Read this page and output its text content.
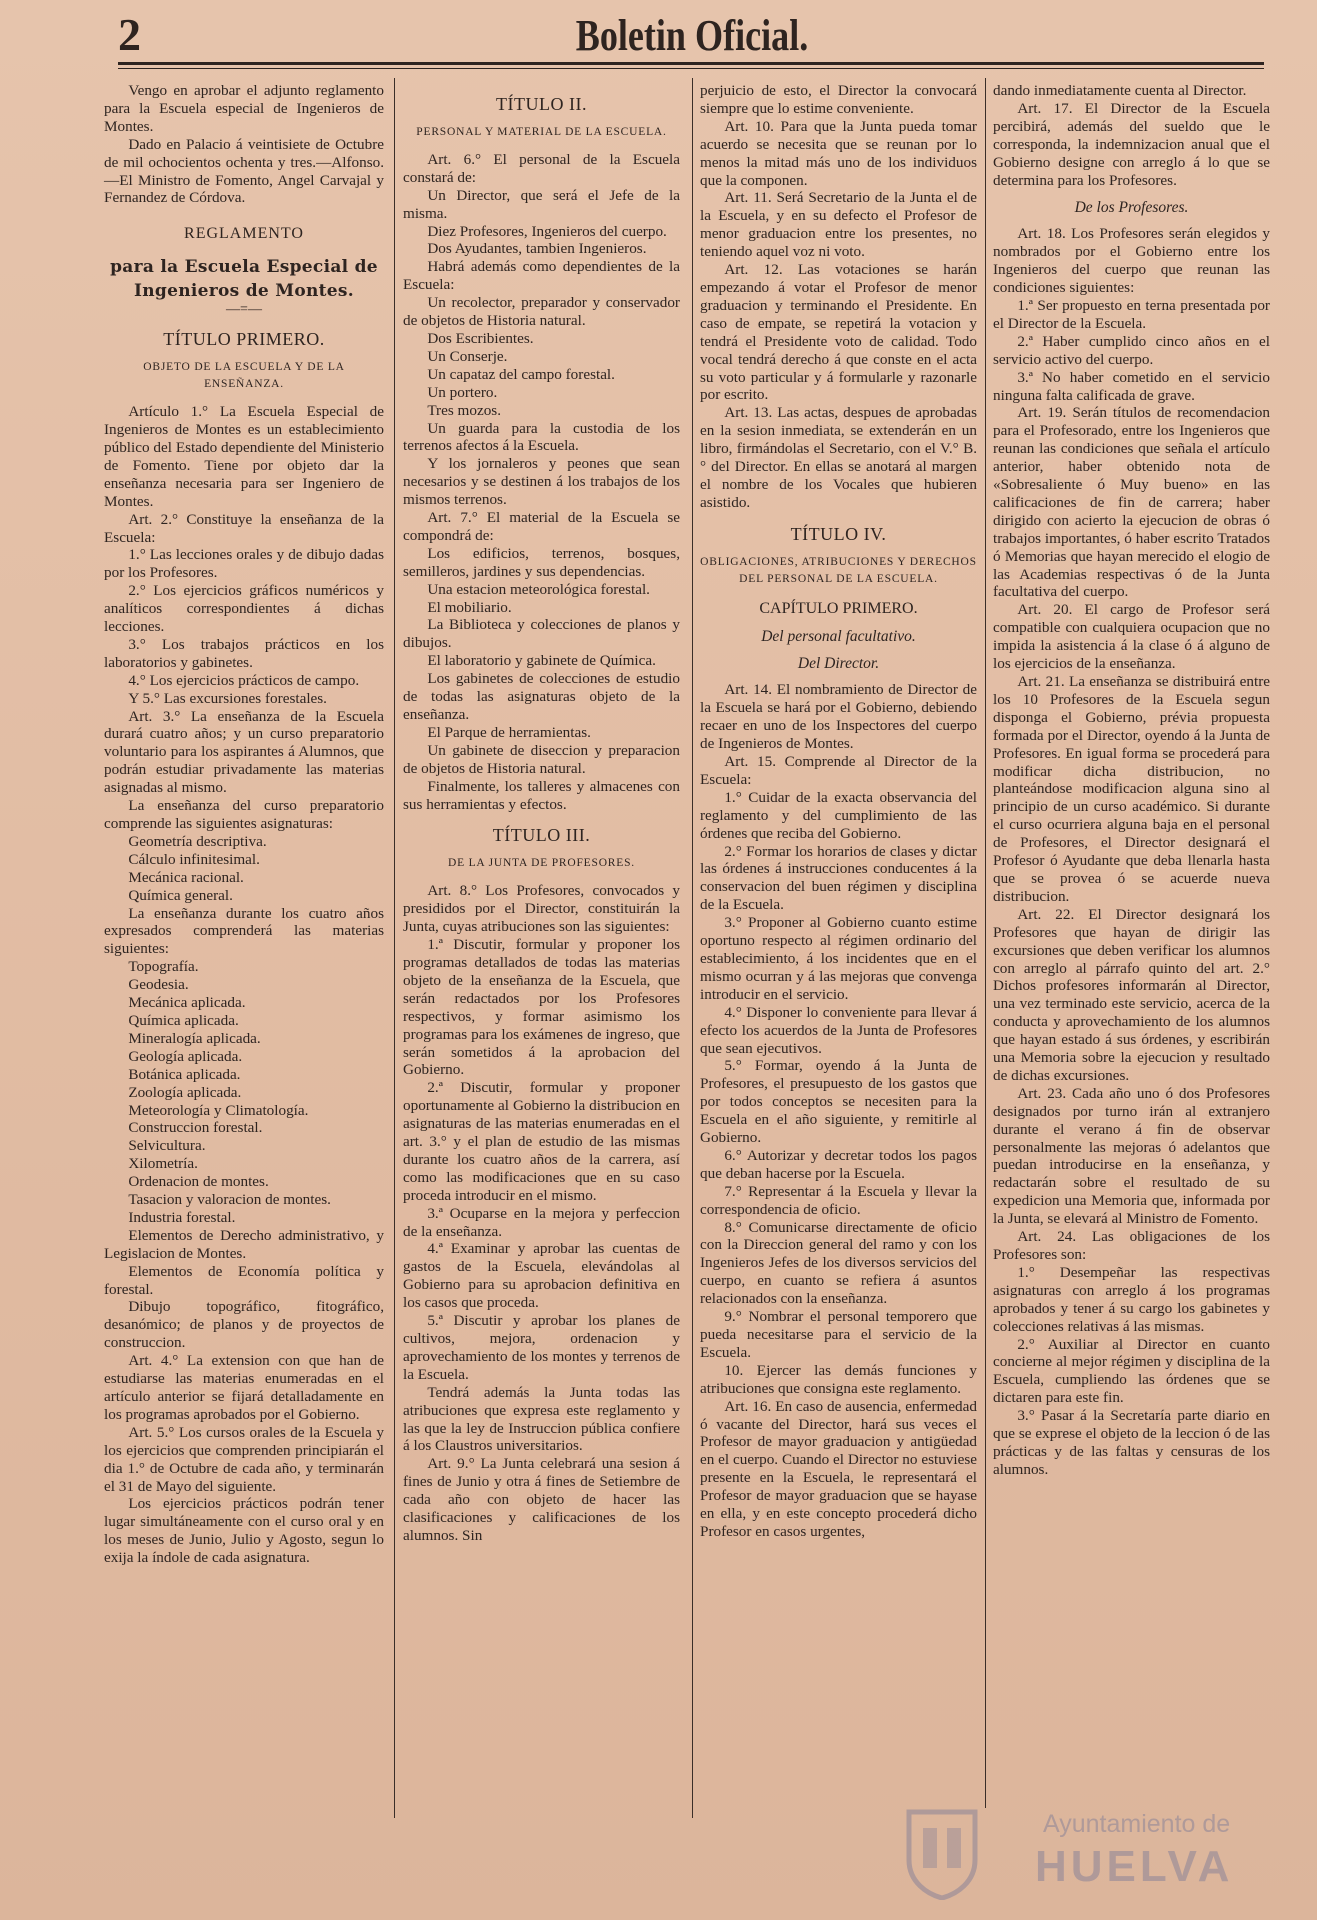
2	Boletin Oficial.

Vengo en aprobar el adjunto reglamento para la Escuela especial de Ingenieros de Montes.

Dado en Palacio á veintisiete de Octubre de mil ochocientos ochenta y tres.—Alfonso.—El Ministro de Fomento, Angel Carvajal y Fernandez de Córdova.

REGLAMENTO

para la Escuela Especial de Ingenieros de Montes.

—=—

TÍTULO PRIMERO.

OBJETO DE LA ESCUELA Y DE LA ENSEÑANZA.

Artículo 1.° La Escuela Especial de Ingenieros de Montes es un establecimiento público del Estado dependiente del Ministerio de Fomento. Tiene por objeto dar la enseñanza necesaria para ser Ingeniero de Montes.

Art. 2.° Constituye la enseñanza de la Escuela:

1.° Las lecciones orales y de dibujo dadas por los Profesores.

2.° Los ejercicios gráficos numéricos y analíticos correspondientes á dichas lecciones.

3.° Los trabajos prácticos en los laboratorios y gabinetes.

4.° Los ejercicios prácticos de campo.

Y 5.° Las excursiones forestales.

Art. 3.° La enseñanza de la Escuela durará cuatro años; y un curso preparatorio voluntario para los aspirantes á Alumnos, que podrán estudiar privadamente las materias asignadas al mismo.

La enseñanza del curso preparatorio comprende las siguientes asignaturas:

Geometría descriptiva.

Cálculo infinitesimal.

Mecánica racional.

Química general.

La enseñanza durante los cuatro años expresados comprenderá las materias siguientes:

Topografía.

Geodesia.

Mecánica aplicada.

Química aplicada.

Mineralogía aplicada.

Geología aplicada.

Botánica aplicada.

Zoología aplicada.

Meteorología y Climatología.

Construccion forestal.

Selvicultura.

Xilometría.

Ordenacion de montes.

Tasacion y valoracion de montes.

Industria forestal.

Elementos de Derecho administrativo, y Legislacion de Montes.

Elementos de Economía política y forestal.

Dibujo topográfico, fitográfico, desanómico; de planos y de proyectos de construccion.

Art. 4.° La extension con que han de estudiarse las materias enumeradas en el artículo anterior se fijará detalladamente en los programas aprobados por el Gobierno.

Art. 5.° Los cursos orales de la Escuela y los ejercicios que comprenden principiarán el dia 1.° de Octubre de cada año, y terminarán el 31 de Mayo del siguiente.

Los ejercicios prácticos podrán tener lugar simultáneamente con el curso oral y en los meses de Junio, Julio y Agosto, segun lo exija la índole de cada asignatura.

TÍTULO II.

PERSONAL Y MATERIAL DE LA ESCUELA.

Art. 6.° El personal de la Escuela constará de:

Un Director, que será el Jefe de la misma.

Diez Profesores, Ingenieros del cuerpo.

Dos Ayudantes, tambien Ingenieros.

Habrá además como dependientes de la Escuela:

Un recolector, preparador y conservador de objetos de Historia natural.

Dos Escribientes.

Un Conserje.

Un capataz del campo forestal.

Un portero.

Tres mozos.

Un guarda para la custodia de los terrenos afectos á la Escuela.

Y los jornaleros y peones que sean necesarios y se destinen á los trabajos de los mismos terrenos.

Art. 7.° El material de la Escuela se compondrá de:

Los edificios, terrenos, bosques, semilleros, jardines y sus dependencias.

Una estacion meteorológica forestal.

El mobiliario.

La Biblioteca y colecciones de planos y dibujos.

El laboratorio y gabinete de Química.

Los gabinetes de colecciones de estudio de todas las asignaturas objeto de la enseñanza.

El Parque de herramientas.

Un gabinete de diseccion y preparacion de objetos de Historia natural.

Finalmente, los talleres y almacenes con sus herramientas y efectos.

TÍTULO III.

DE LA JUNTA DE PROFESORES.

Art. 8.° Los Profesores, convocados y presididos por el Director, constituirán la Junta, cuyas atribuciones son las siguientes:

1.ª Discutir, formular y proponer los programas detallados de todas las materias objeto de la enseñanza de la Escuela, que serán redactados por los Profesores respectivos, y formar asimismo los programas para los exámenes de ingreso, que serán sometidos á la aprobacion del Gobierno.

2.ª Discutir, formular y proponer oportunamente al Gobierno la distribucion en asignaturas de las materias enumeradas en el art. 3.° y el plan de estudio de las mismas durante los cuatro años de la carrera, así como las modificaciones que en su caso proceda introducir en el mismo.

3.ª Ocuparse en la mejora y perfeccion de la enseñanza.

4.ª Examinar y aprobar las cuentas de gastos de la Escuela, elevándolas al Gobierno para su aprobacion definitiva en los casos que proceda.

5.ª Discutir y aprobar los planes de cultivos, mejora, ordenacion y aprovechamiento de los montes y terrenos de la Escuela.

Tendrá además la Junta todas las atribuciones que expresa este reglamento y las que la ley de Instruccion pública confiere á los Claustros universitarios.

Art. 9.° La Junta celebrará una sesion á fines de Junio y otra á fines de Setiembre de cada año con objeto de hacer las clasificaciones y calificaciones de los alumnos. Sin

perjuicio de esto, el Director la convocará siempre que lo estime conveniente.

Art. 10. Para que la Junta pueda tomar acuerdo se necesita que se reunan por lo menos la mitad más uno de los individuos que la componen.

Art. 11. Será Secretario de la Junta el de la Escuela, y en su defecto el Profesor de menor graduacion entre los presentes, no teniendo aquel voz ni voto.

Art. 12. Las votaciones se harán empezando á votar el Profesor de menor graduacion y terminando el Presidente. En caso de empate, se repetirá la votacion y tendrá el Presidente voto de calidad. Todo vocal tendrá derecho á que conste en el acta su voto particular y á formularle y razonarle por escrito.

Art. 13. Las actas, despues de aprobadas en la sesion inmediata, se extenderán en un libro, firmándolas el Secretario, con el V.° B.° del Director. En ellas se anotará al margen el nombre de los Vocales que hubieren asistido.

TÍTULO IV.

OBLIGACIONES, ATRIBUCIONES Y DERECHOS DEL PERSONAL DE LA ESCUELA.

CAPÍTULO PRIMERO.

Del personal facultativo.

Del Director.

Art. 14. El nombramiento de Director de la Escuela se hará por el Gobierno, debiendo recaer en uno de los Inspectores del cuerpo de Ingenieros de Montes.

Art. 15. Comprende al Director de la Escuela:

1.° Cuidar de la exacta observancia del reglamento y del cumplimiento de las órdenes que reciba del Gobierno.

2.° Formar los horarios de clases y dictar las órdenes á instrucciones conducentes á la conservacion del buen régimen y disciplina de la Escuela.

3.° Proponer al Gobierno cuanto estime oportuno respecto al régimen ordinario del establecimiento, á los incidentes que en el mismo ocurran y á las mejoras que convenga introducir en el servicio.

4.° Disponer lo conveniente para llevar á efecto los acuerdos de la Junta de Profesores que sean ejecutivos.

5.° Formar, oyendo á la Junta de Profesores, el presupuesto de los gastos que por todos conceptos se necesiten para la Escuela en el año siguiente, y remitirle al Gobierno.

6.° Autorizar y decretar todos los pagos que deban hacerse por la Escuela.

7.° Representar á la Escuela y llevar la correspondencia de oficio.

8.° Comunicarse directamente de oficio con la Direccion general del ramo y con los Ingenieros Jefes de los diversos servicios del cuerpo, en cuanto se refiera á asuntos relacionados con la enseñanza.

9.° Nombrar el personal temporero que pueda necesitarse para el servicio de la Escuela.

10. Ejercer las demás funciones y atribuciones que consigna este reglamento.

Art. 16. En caso de ausencia, enfermedad ó vacante del Director, hará sus veces el Profesor de mayor graduacion y antigüedad en el cuerpo. Cuando el Director no estuviese presente en la Escuela, le representará el Profesor de mayor graduacion que se hayase en ella, y en este concepto procederá dicho Profesor en casos urgentes,

dando inmediatamente cuenta al Director.

Art. 17. El Director de la Escuela percibirá, además del sueldo que le corresponda, la indemnizacion anual que el Gobierno designe con arreglo á lo que se determina para los Profesores.

De los Profesores.

Art. 18. Los Profesores serán elegidos y nombrados por el Gobierno entre los Ingenieros del cuerpo que reunan las condiciones siguientes:

1.ª Ser propuesto en terna presentada por el Director de la Escuela.

2.ª Haber cumplido cinco años en el servicio activo del cuerpo.

3.ª No haber cometido en el servicio ninguna falta calificada de grave.

Art. 19. Serán títulos de recomendacion para el Profesorado, entre los Ingenieros que reunan las condiciones que señala el artículo anterior, haber obtenido nota de «Sobresaliente ó Muy bueno» en las calificaciones de fin de carrera; haber dirigido con acierto la ejecucion de obras ó trabajos importantes, ó haber escrito Tratados ó Memorias que hayan merecido el elogio de las Academias respectivas ó de la Junta facultativa del cuerpo.

Art. 20. El cargo de Profesor será compatible con cualquiera ocupacion que no impida la asistencia á la clase ó á alguno de los ejercicios de la enseñanza.

Art. 21. La enseñanza se distribuirá entre los 10 Profesores de la Escuela segun disponga el Gobierno, prévia propuesta formada por el Director, oyendo á la Junta de Profesores. En igual forma se procederá para modificar dicha distribucion, no planteándose modificacion alguna sino al principio de un curso académico. Si durante el curso ocurriera alguna baja en el personal de Profesores, el Director designará el Profesor ó Ayudante que deba llenarla hasta que se provea ó se acuerde nueva distribucion.

Art. 22. El Director designará los Profesores que hayan de dirigir las excursiones que deben verificar los alumnos con arreglo al párrafo quinto del art. 2.° Dichos profesores informarán al Director, una vez terminado este servicio, acerca de la conducta y aprovechamiento de los alumnos que hayan estado á sus órdenes, y escribirán una Memoria sobre la ejecucion y resultado de dichas excursiones.

Art. 23. Cada año uno ó dos Profesores designados por turno irán al extranjero durante el verano á fin de observar personalmente las mejoras ó adelantos que puedan introducirse en la enseñanza, y redactarán sobre el resultado de su expedicion una Memoria que, informada por la Junta, se elevará al Ministro de Fomento.

Art. 24. Las obligaciones de los Profesores son:

1.° Desempeñar las respectivas asignaturas con arreglo á los programas aprobados y tener á su cargo los gabinetes y colecciones relativas á las mismas.

2.° Auxiliar al Director en cuanto concierne al mejor régimen y disciplina de la Escuela, cumpliendo las órdenes que se dictaren para este fin.

3.° Pasar á la Secretaría parte diario en que se exprese el objeto de la leccion ó de las prácticas y de las faltas y censuras de los alumnos.

Ayuntamiento de
HUELVA
